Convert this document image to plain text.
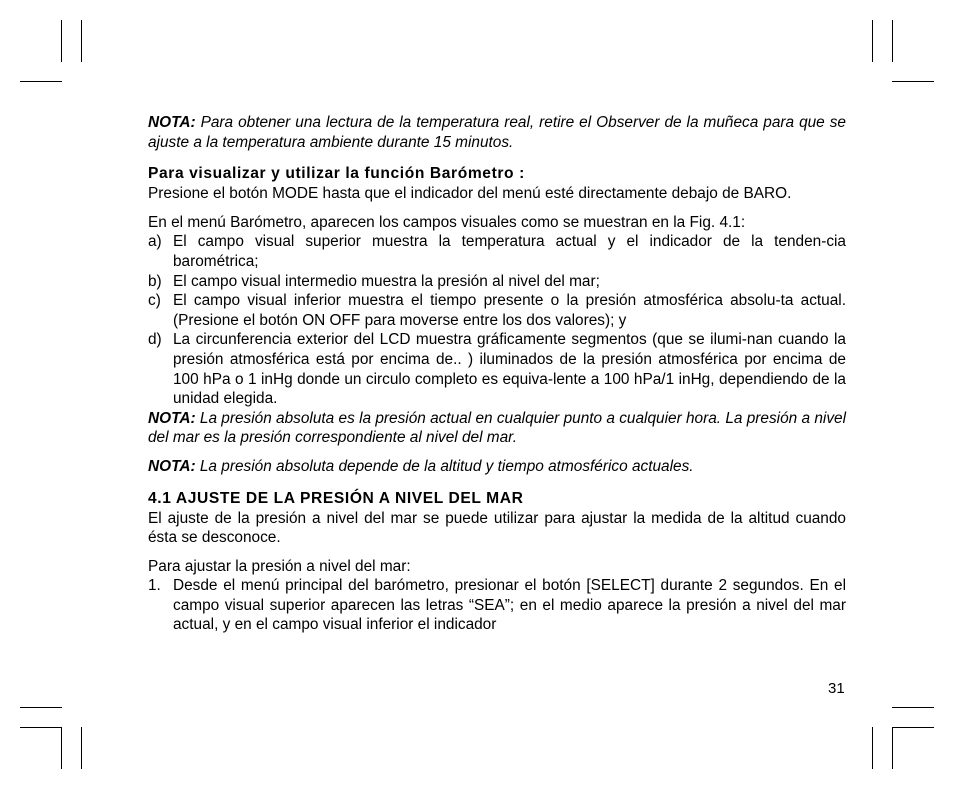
NOTA: Para obtener una lectura de la temperatura real, retire el Observer de la muñeca para que se ajuste a la temperatura ambiente durante 15 minutos.

Para visualizar y utilizar la función Barómetro :

Presione el botón MODE hasta que el indicador del menú esté directamente debajo de BARO.

En el menú Barómetro, aparecen los campos visuales como se muestran en la Fig. 4.1:

a) El campo visual superior muestra la temperatura actual y el indicador de la tenden-cia barométrica;

b) El campo visual intermedio muestra la presión al nivel del mar;

c) El campo visual inferior muestra el tiempo presente o la presión atmosférica absolu-ta actual. (Presione el botón ON OFF para moverse entre los dos valores); y

d) La circunferencia exterior del LCD muestra gráficamente segmentos (que se ilumi-nan cuando la presión atmosférica está por encima de.. ) iluminados de la presión atmosférica por encima de 100 hPa o 1 inHg donde un circulo completo es equiva-lente a 100 hPa/1 inHg, dependiendo de la unidad elegida.

NOTA: La presión absoluta es la presión actual en cualquier punto a cualquier hora. La presión a nivel del mar es la presión correspondiente al nivel del mar.

NOTA: La presión absoluta depende de la altitud y tiempo atmosférico actuales.

4.1 AJUSTE DE LA PRESIÓN A NIVEL DEL MAR

El ajuste de la presión a nivel del mar se puede utilizar para ajustar la medida de la altitud cuando ésta se desconoce.

Para ajustar la presión a nivel del mar:

1. Desde el menú principal del barómetro, presionar el botón [SELECT] durante 2 segundos. En el campo visual superior aparecen las letras “SEA”; en el medio aparece la presión a nivel del mar actual, y en el campo visual inferior el indicador

31
